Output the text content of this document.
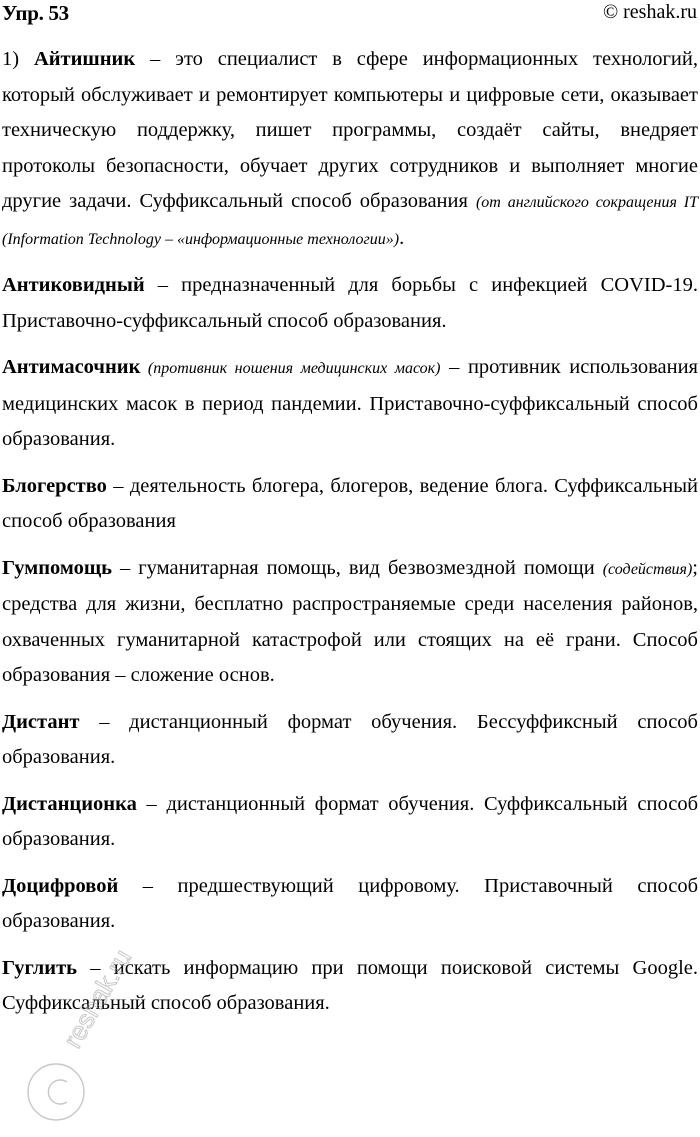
Упр. 53	© reshak.ru

1) Айтишник – это специалист в сфере информационных технологий, который обслуживает и ремонтирует компьютеры и цифровые сети, оказывает техническую поддержку, пишет программы, создаёт сайты, внедряет протоколы безопасности, обучает других сотрудников и выполняет многие другие задачи. Суффиксальный способ образования (от английского сокращения IT (Information Technology – «информационные технологии»).

Антиковидный – предназначенный для борьбы с инфекцией COVID-19. Приставочно-суффиксальный способ образования.

Антимасочник (противник ношения медицинских масок) – противник использования медицинских масок в период пандемии. Приставочно-суффиксальный способ образования.

Блогерство – деятельность блогера, блогеров, ведение блога. Суффиксальный способ образования

Гумпомощь – гуманитарная помощь, вид безвозмездной помощи (содействия); средства для жизни, бесплатно распространяемые среди населения районов, охваченных гуманитарной катастрофой или стоящих на её грани. Способ образования – сложение основ.

Дистант – дистанционный формат обучения. Бессуффиксный способ образования.

Дистанционка – дистанционный формат обучения. Суффиксальный способ образования.

Доцифровой – предшествующий цифровому. Приставочный способ образования.

Гуглить – искать информацию при помощи поисковой системы Google. Суффиксальный способ образования.

reshak.ru
